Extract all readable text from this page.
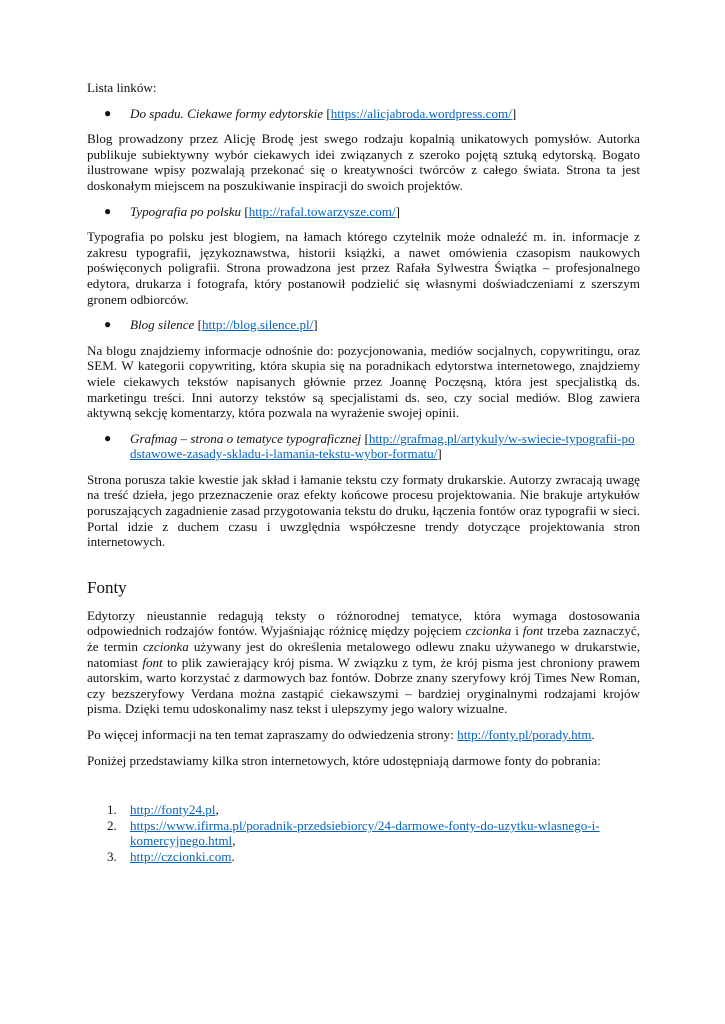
Lista linków:

● Do spadu. Ciekawe formy edytorskie [https://alicjabroda.wordpress.com/]

Blog prowadzony przez Alicję Brodę jest swego rodzaju kopalnią unikatowych pomysłów. Autorka publikuje subiektywny wybór ciekawych idei związanych z szeroko pojętą sztuką edytorską. Bogato ilustrowane wpisy pozwalają przekonać się o kreatywności twórców z całego świata. Strona ta jest doskonałym miejscem na poszukiwanie inspiracji do swoich projektów.

● Typografia po polsku [http://rafal.towarzysze.com/]

Typografia po polsku jest blogiem, na łamach którego czytelnik może odnaleźć m. in. informacje z zakresu typografii, językoznawstwa, historii książki, a nawet omówienia czasopism naukowych poświęconych poligrafii. Strona prowadzona jest przez Rafała Sylwestra Świątka – profesjonalnego edytora, drukarza i fotografa, który postanowił podzielić się własnymi doświadczeniami z szerszym gronem odbiorców.

● Blog silence [http://blog.silence.pl/]

Na blogu znajdziemy informacje odnośnie do: pozycjonowania, mediów socjalnych, copywritingu, oraz SEM. W kategorii copywriting, która skupia się na poradnikach edytorstwa internetowego, znajdziemy wiele ciekawych tekstów napisanych głównie przez Joannę Poczęsną, która jest specjalistką ds. marketingu treści. Inni autorzy tekstów są specjalistami ds. seo, czy social mediów. Blog zawiera aktywną sekcję komentarzy, która pozwala na wyrażenie swojej opinii.

● Grafmag – strona o tematyce typograficznej [http://grafmag.pl/artykuly/w-swiecie-typografii-podstawowe-zasady-skladu-i-lamania-tekstu-wybor-formatu/]

Strona porusza takie kwestie jak skład i łamanie tekstu czy formaty drukarskie. Autorzy zwracają uwagę na treść dzieła, jego przeznaczenie oraz efekty końcowe procesu projektowania. Nie brakuje artykułów poruszających zagadnienie zasad przygotowania tekstu do druku, łączenia fontów oraz typografii w sieci. Portal idzie z duchem czasu i uwzględnia współczesne trendy dotyczące projektowania stron internetowych.

Fonty

Edytorzy nieustannie redagują teksty o różnorodnej tematyce, która wymaga dostosowania odpowiednich rodzajów fontów. Wyjaśniając różnicę między pojęciem czcionka i font trzeba zaznaczyć, że termin czcionka używany jest do określenia metalowego odlewu znaku używanego w drukarstwie, natomiast font to plik zawierający krój pisma. W związku z tym, że krój pisma jest chroniony prawem autorskim, warto korzystać z darmowych baz fontów. Dobrze znany szeryfowy krój Times New Roman, czy bezszeryfowy Verdana można zastąpić ciekawszymi – bardziej oryginalnymi rodzajami krojów pisma. Dzięki temu udoskonalimy nasz tekst i ulepszymy jego walory wizualne.

Po więcej informacji na ten temat zapraszamy do odwiedzenia strony: http://fonty.pl/porady.htm.

Poniżej przedstawiamy kilka stron internetowych, które udostępniają darmowe fonty do pobrania:

1. http://fonty24.pl,
2. https://www.ifirma.pl/poradnik-przedsiebiorcy/24-darmowe-fonty-do-uzytku-wlasnego-i-komercyjnego.html,
3. http://czcionki.com.
